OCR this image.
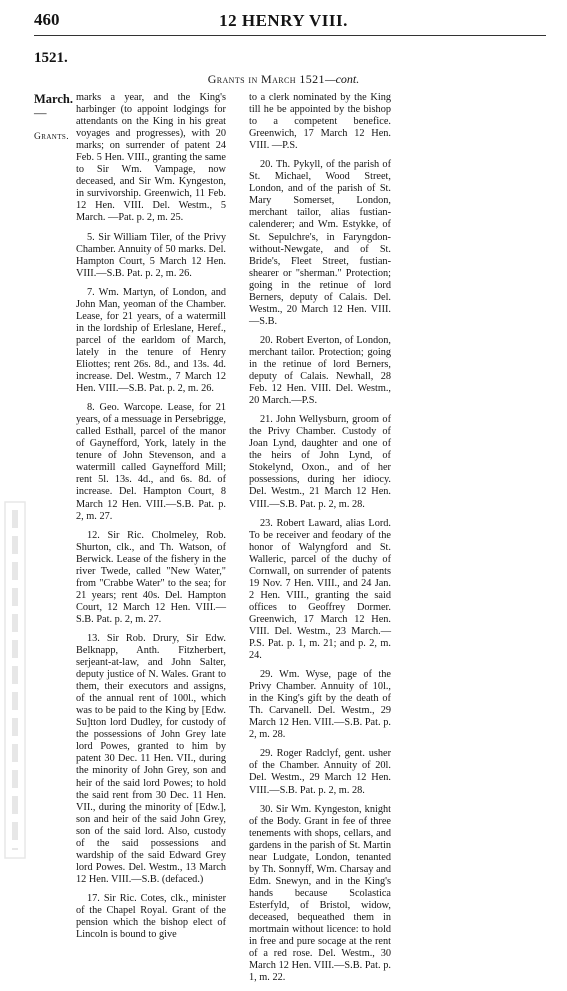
460	12 HENRY VIII.
1521.
Grants in March 1521—cont.
March.
—
Grants.

marks a year, and the King's harbinger (to appoint lodgings for attendants on the King in his great voyages and progresses), with 20 marks; on surrender of patent 24 Feb. 5 Hen. VIII., granting the same to Sir Wm. Vampage, now deceased, and Sir Wm. Kyngeston, in survivorship. Greenwich, 11 Feb. 12 Hen. VIII. Del. Westm., 5 March. —Pat. p. 2, m. 25.

5. Sir William Tiler, of the Privy Chamber. Annuity of 50 marks. Del. Hampton Court, 5 March 12 Hen. VIII.—S.B. Pat. p. 2, m. 26.

7. Wm. Martyn, of London, and John Man, yeoman of the Chamber. Lease, for 21 years, of a watermill in the lordship of Erleslane, Heref., parcel of the earldom of March, lately in the tenure of Henry Eliottes; rent 26s. 8d., and 13s. 4d. increase. Del. Westm., 7 March 12 Hen. VIII.—S.B. Pat. p. 2, m. 26.

8. Geo. Warcope. Lease, for 21 years, of a messuage in Persebrigge, called Esthall, parcel of the manor of Gaynefford, York, lately in the tenure of John Stevenson, and a watermill called Gaynefford Mill; rent 5l. 13s. 4d., and 6s. 8d. of increase. Del. Hampton Court, 8 March 12 Hen. VIII.—S.B. Pat. p. 2, m. 27.

12. Sir Ric. Cholmeley, Rob. Shurton, clk., and Th. Watson, of Berwick. Lease of the fishery in the river Twede, called "New Water," from "Crabbe Water" to the sea; for 21 years; rent 40s. Del. Hampton Court, 12 March 12 Hen. VIII.—S.B. Pat. p. 2, m. 27.

13. Sir Rob. Drury, Sir Edw. Belknapp, Anth. Fitzherbert, serjeant-at-law, and John Salter, deputy justice of N. Wales. Grant to them, their executors and assigns, of the annual rent of 100l., which was to be paid to the King by [Edw. Su]tton lord Dudley, for custody of the possessions of John Grey late lord Powes, granted to him by patent 30 Dec. 11 Hen. VII., during the minority of John Grey, son and heir of the said lord Powes; to hold the said rent from 30 Dec. 11 Hen. VII., during the minority of [Edw.], son and heir of the said John Grey, son of the said lord. Also, custody of the said possessions and wardship of the said Edward Grey lord Powes. Del. Westm., 13 March 12 Hen. VIII.—S.B. (defaced.)

17. Sir Ric. Cotes, clk., minister of the Chapel Royal. Grant of the pension which the bishop elect of Lincoln is bound to give

to a clerk nominated by the King till he be appointed by the bishop to a competent benefice. Greenwich, 17 March 12 Hen. VIII. —P.S.

20. Th. Pykyll, of the parish of St. Michael, Wood Street, London, and of the parish of St. Mary Somerset, London, merchant tailor, alias fustian-calenderer; and Wm. Estykke, of St. Sepulchre's, in Faryngdon-without-Newgate, and of St. Bride's, Fleet Street, fustian-shearer or "sherman." Protection; going in the retinue of lord Berners, deputy of Calais. Del. Westm., 20 March 12 Hen. VIII.—S.B.

20. Robert Everton, of London, merchant tailor. Protection; going in the retinue of lord Berners, deputy of Calais. Newhall, 28 Feb. 12 Hen. VIII. Del. Westm., 20 March.—P.S.

21. John Wellysburn, groom of the Privy Chamber. Custody of Joan Lynd, daughter and one of the heirs of John Lynd, of Stokelynd, Oxon., and of her possessions, during her idiocy. Del. Westm., 21 March 12 Hen. VIII.—S.B. Pat. p. 2, m. 28.

23. Robert Laward, alias Lord. To be receiver and feodary of the honor of Walyngford and St. Walleric, parcel of the duchy of Cornwall, on surrender of patents 19 Nov. 7 Hen. VIII., and 24 Jan. 2 Hen. VIII., granting the said offices to Geoffrey Dormer. Greenwich, 17 March 12 Hen. VIII. Del. Westm., 23 March.—P.S. Pat. p. 1, m. 21; and p. 2, m. 24.

29. Wm. Wyse, page of the Privy Chamber. Annuity of 10l., in the King's gift by the death of Th. Carvanell. Del. Westm., 29 March 12 Hen. VIII.—S.B. Pat. p. 2, m. 28.

29. Roger Radclyf, gent. usher of the Chamber. Annuity of 20l. Del. Westm., 29 March 12 Hen. VIII.—S.B. Pat. p. 2, m. 28.

30. Sir Wm. Kyngeston, knight of the Body. Grant in fee of three tenements with shops, cellars, and gardens in the parish of St. Martin near Ludgate, London, tenanted by Th. Sonnyff, Wm. Charsay and Edm. Snewyn, and in the King's hands because Scolastica Esterfyld, of Bristol, widow, deceased, bequeathed them in mortmain without licence: to hold in free and pure socage at the rent of a red rose. Del. Westm., 30 March 12 Hen. VIII.—S.B. Pat. p. 1, m. 22.
